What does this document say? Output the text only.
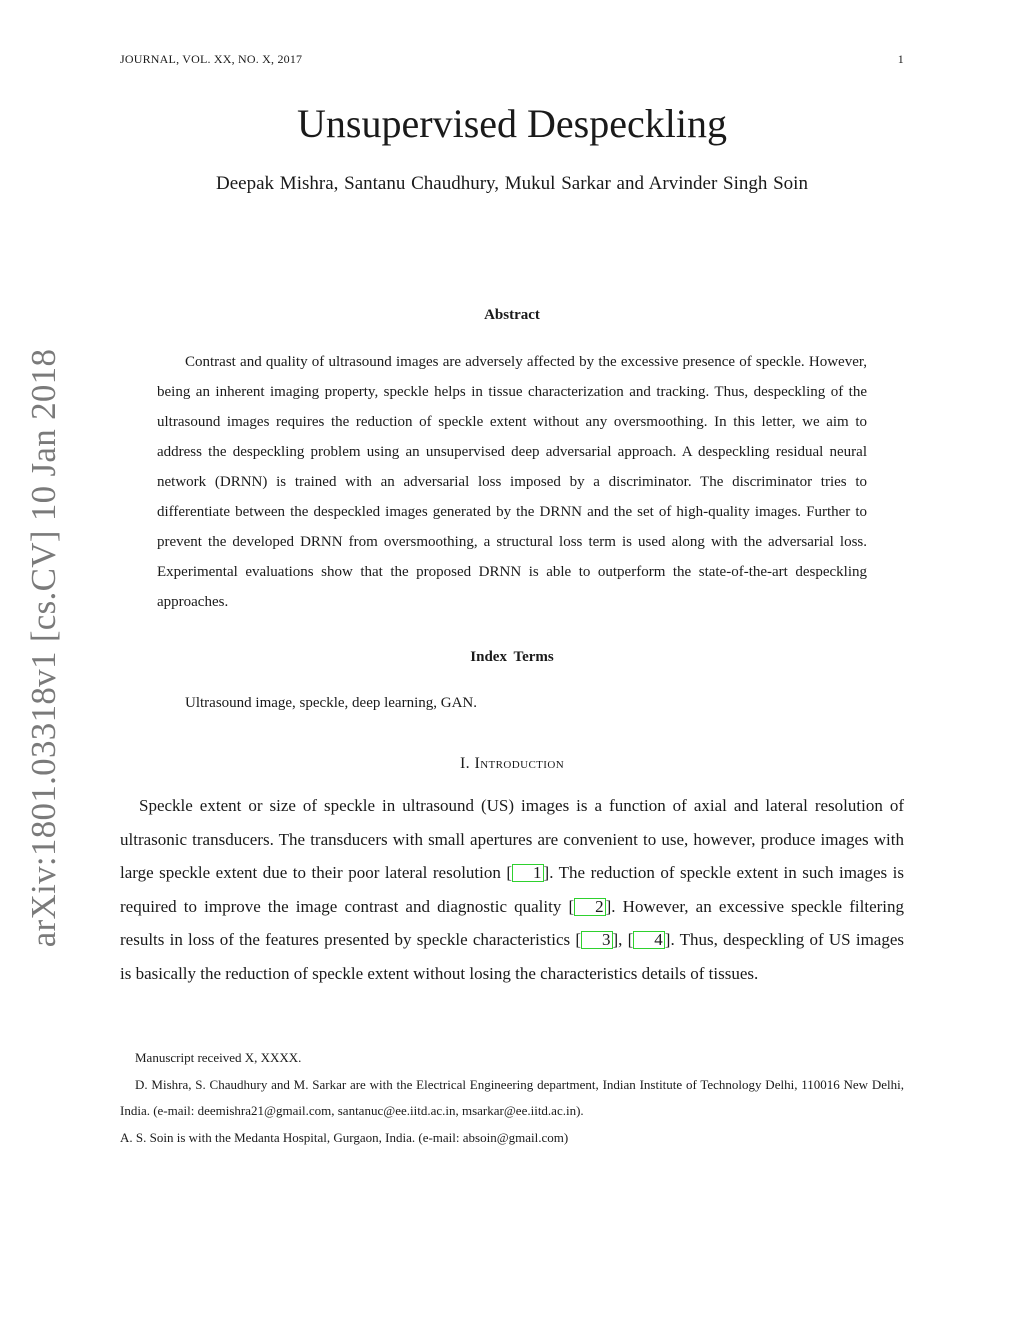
JOURNAL, VOL. XX, NO. X, 2017	1
arXiv:1801.03318v1 [cs.CV] 10 Jan 2018
Unsupervised Despeckling
Deepak Mishra, Santanu Chaudhury, Mukul Sarkar and Arvinder Singh Soin
Abstract

Contrast and quality of ultrasound images are adversely affected by the excessive presence of speckle. However, being an inherent imaging property, speckle helps in tissue characterization and tracking. Thus, despeckling of the ultrasound images requires the reduction of speckle extent without any oversmoothing. In this letter, we aim to address the despeckling problem using an unsupervised deep adversarial approach. A despeckling residual neural network (DRNN) is trained with an adversarial loss imposed by a discriminator. The discriminator tries to differentiate between the despeckled images generated by the DRNN and the set of high-quality images. Further to prevent the developed DRNN from oversmoothing, a structural loss term is used along with the adversarial loss. Experimental evaluations show that the proposed DRNN is able to outperform the state-of-the-art despeckling approaches.

Index Terms
Ultrasound image, speckle, deep learning, GAN.
I. Introduction

Speckle extent or size of speckle in ultrasound (US) images is a function of axial and lateral resolution of ultrasonic transducers. The transducers with small apertures are convenient to use, however, produce images with large speckle extent due to their poor lateral resolution [ 1 ]. The reduction of speckle extent in such images is required to improve the image contrast and diagnostic quality [ 2 ]. However, an excessive speckle filtering results in loss of the features presented by speckle characteristics [ 3 ], [ 4 ]. Thus, despeckling of US images is basically the reduction of speckle extent without losing the characteristics details of tissues.

Manuscript received X, XXXX.

D. Mishra, S. Chaudhury and M. Sarkar are with the Electrical Engineering department, Indian Institute of Technology Delhi, 110016 New Delhi, India. (e-mail: deemishra21@gmail.com, santanuc@ee.iitd.ac.in, msarkar@ee.iitd.ac.in).

A. S. Soin is with the Medanta Hospital, Gurgaon, India. (e-mail: absoin@gmail.com)
